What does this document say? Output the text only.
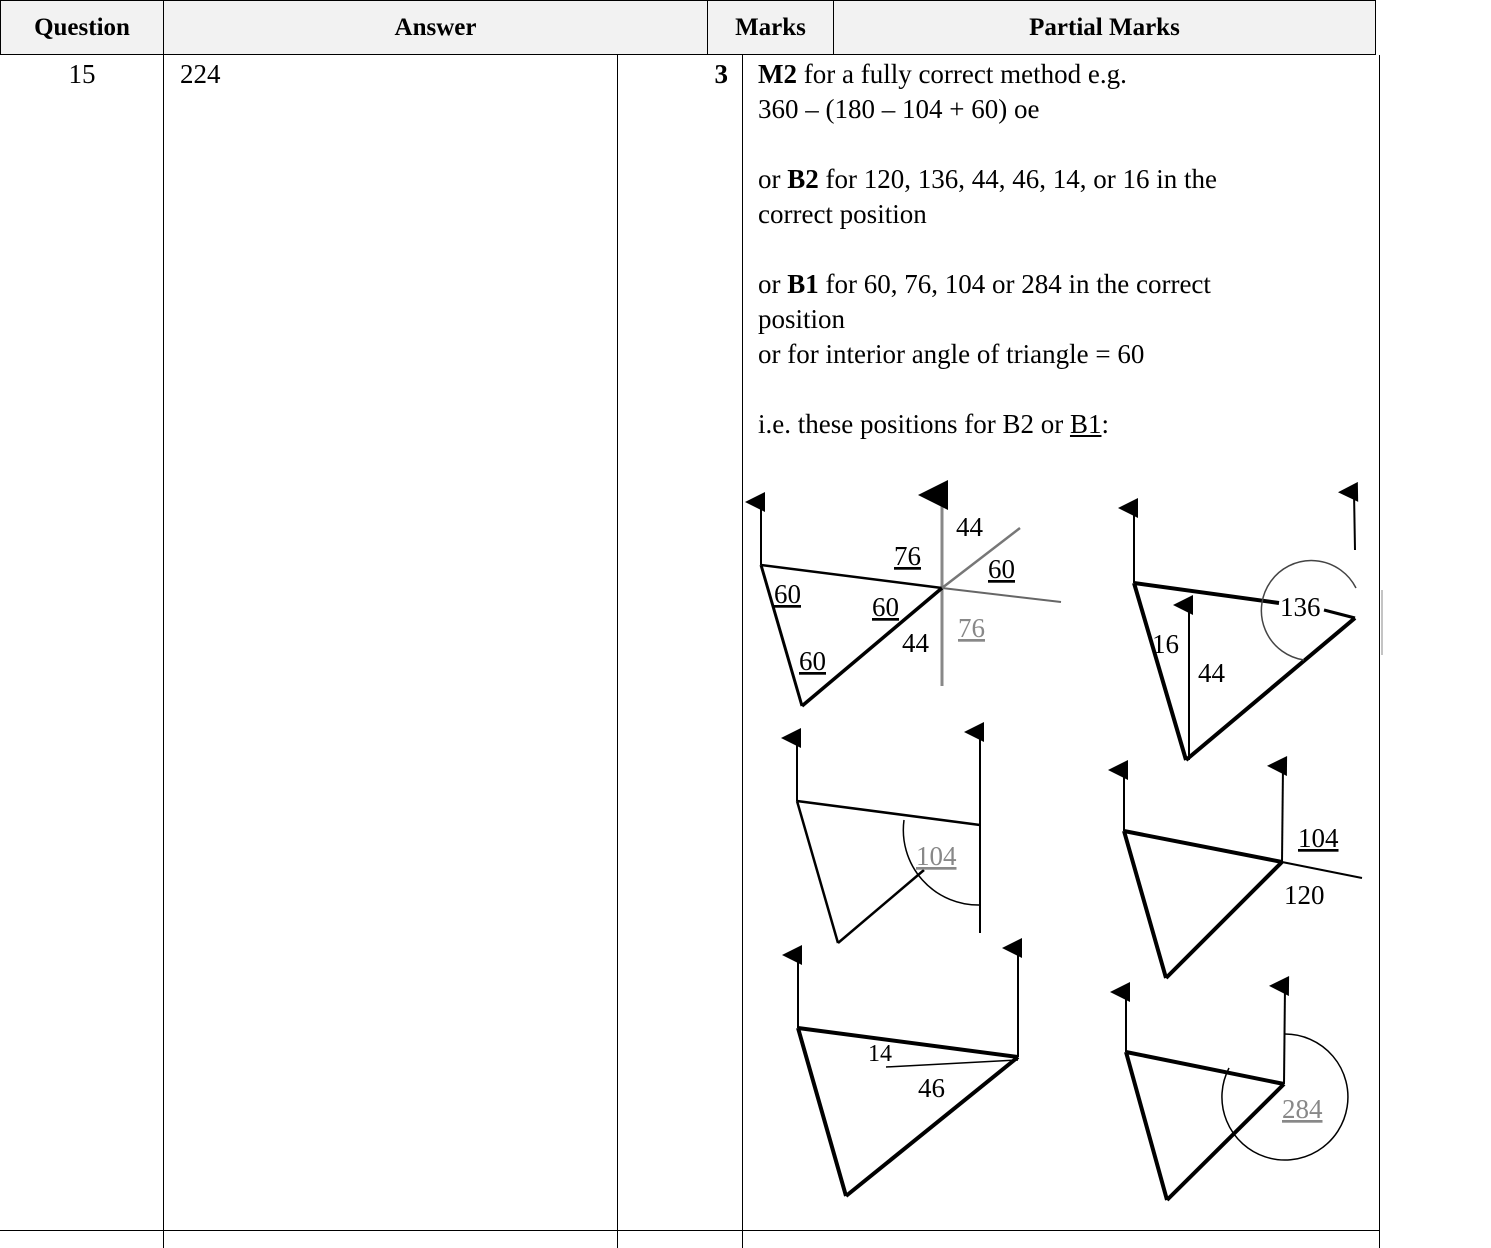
Question	Answer	Marks	Partial Marks
15	224	3 M2 for a fully correct method e.g.

360 – (180 – 104 + 60) oe

or B2 for 120, 136, 44, 46, 14, or 16 in the

correct position

or B1 for 60, 76, 104 or 284 in the correct

position

or for interior angle of triangle = 60

i.e. these positions for B2 or B1:

44
76 60
60	60
44 76
60
136
16
44
104
104
120
14
46
284
